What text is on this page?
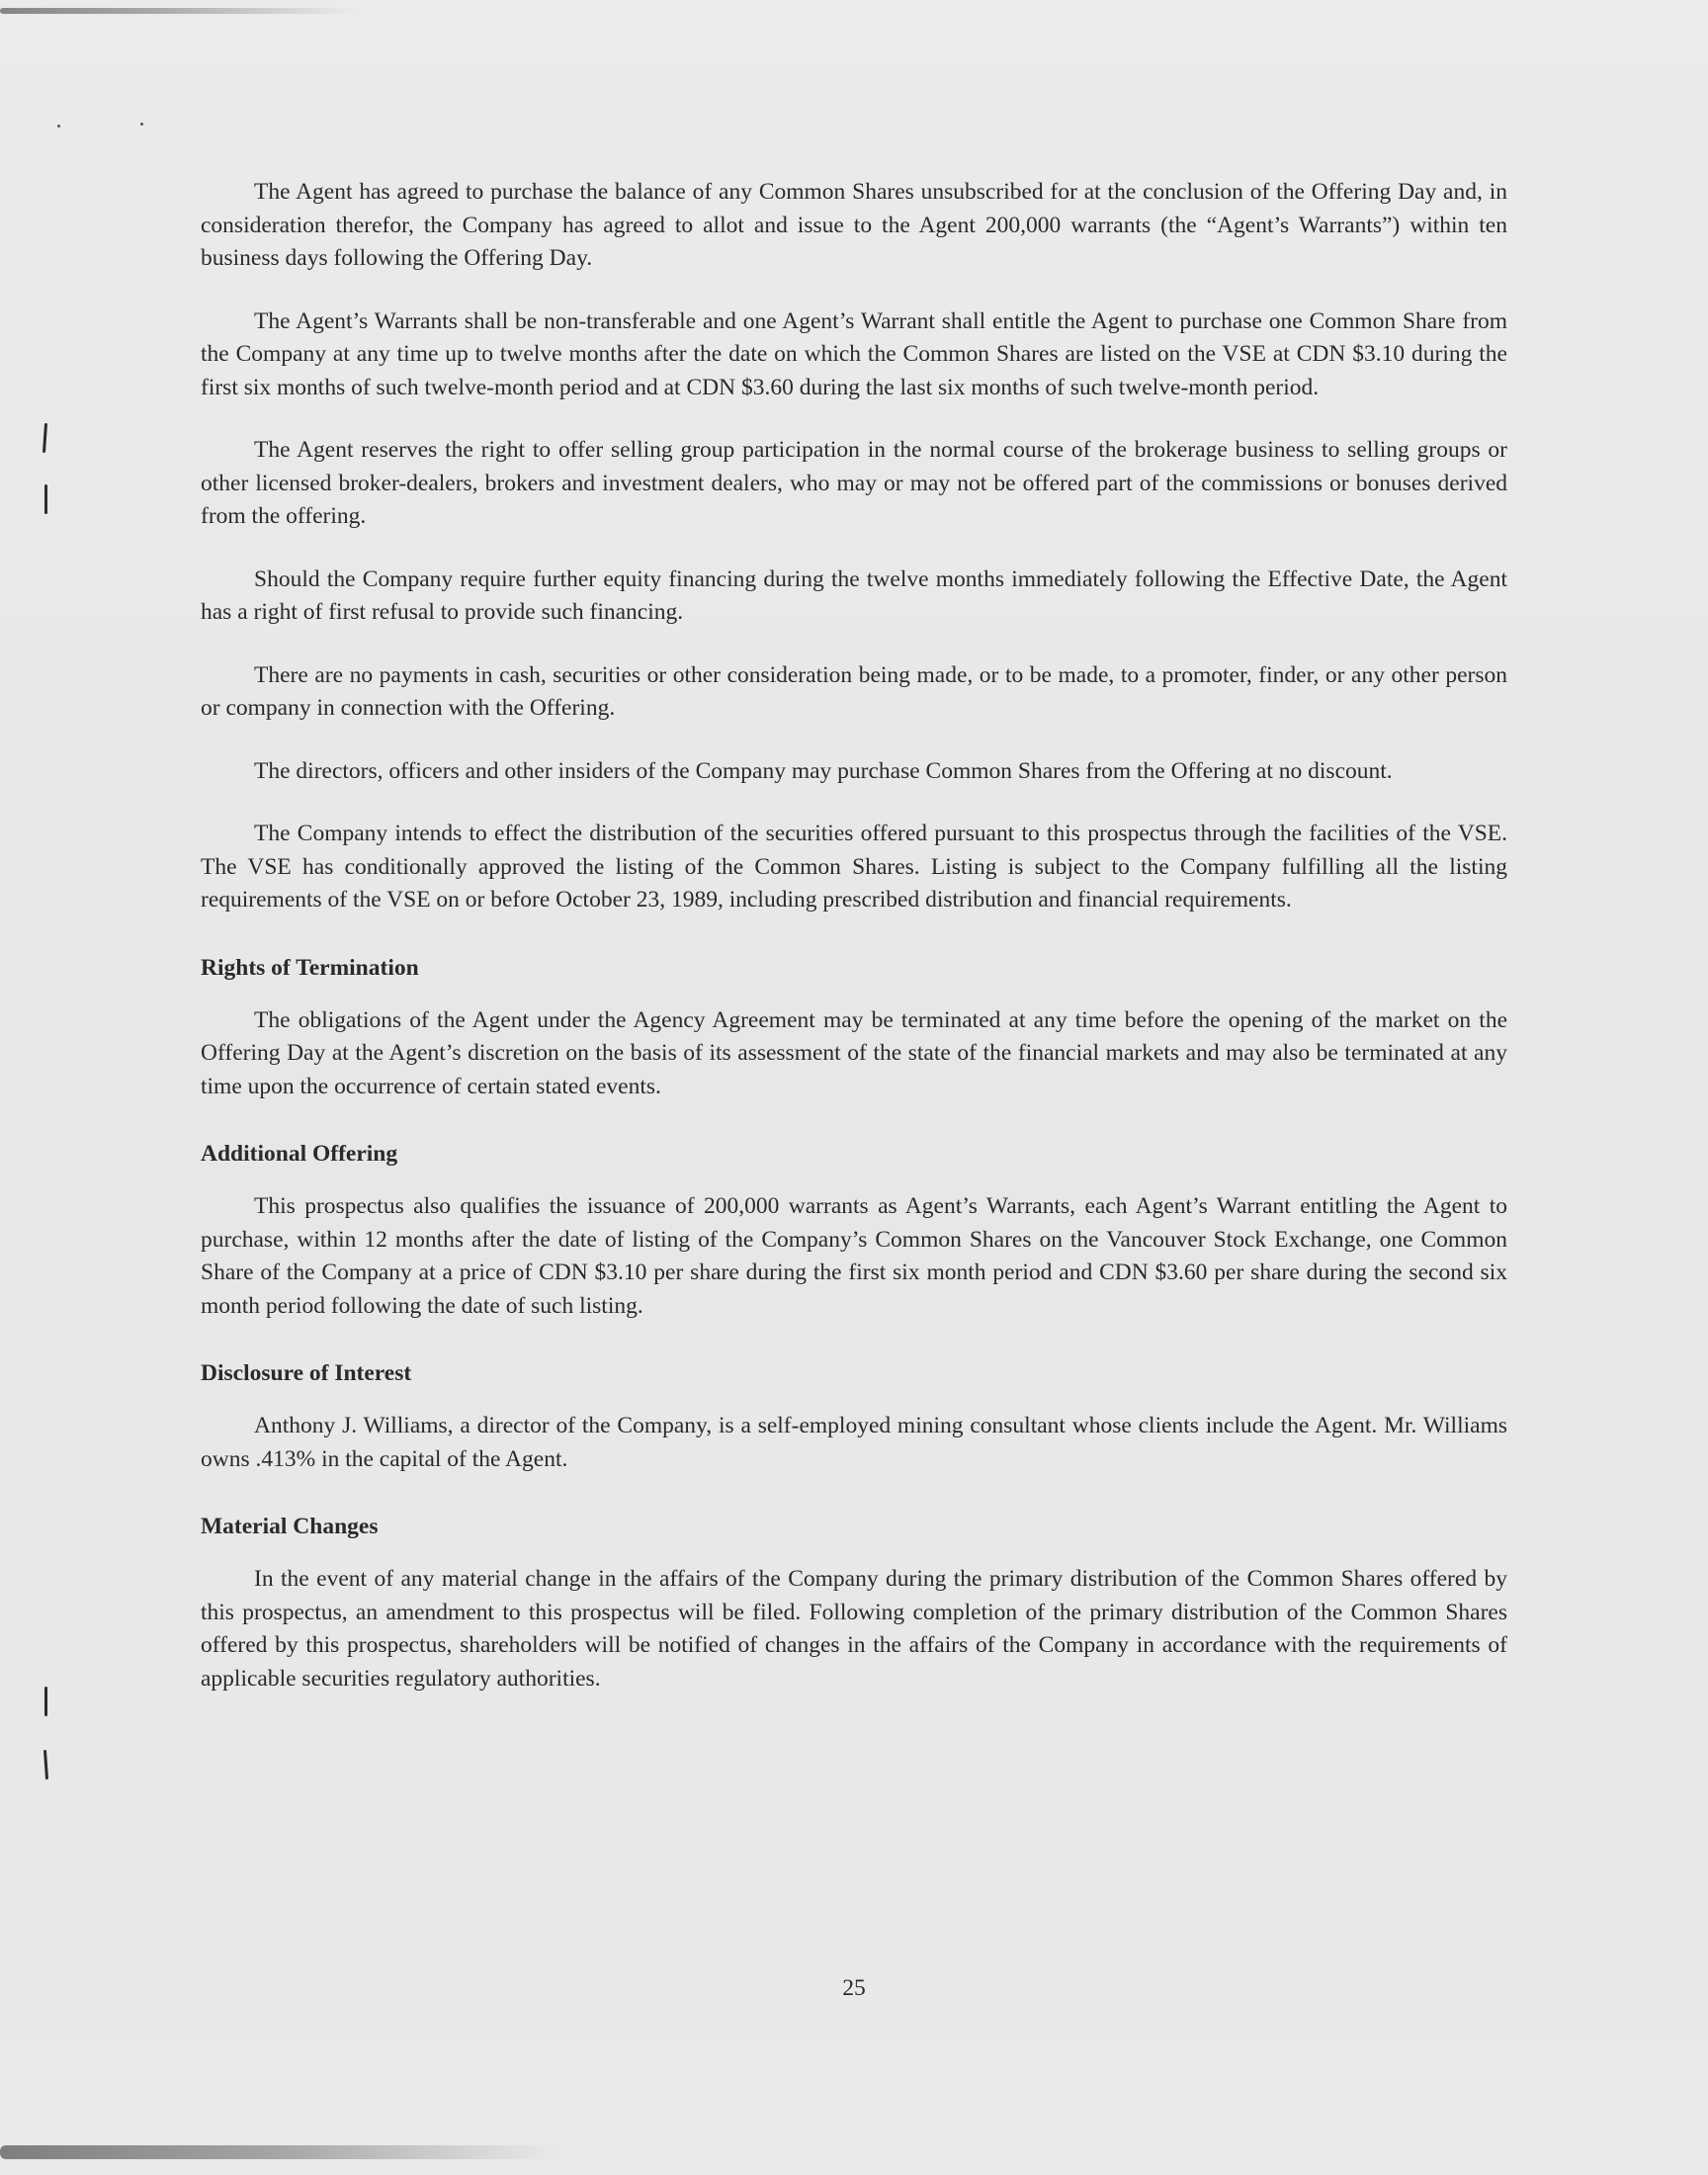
The Agent has agreed to purchase the balance of any Common Shares unsubscribed for at the conclusion of the Offering Day and, in consideration therefor, the Company has agreed to allot and issue to the Agent 200,000 warrants (the “Agent’s Warrants”) within ten business days following the Offering Day.

The Agent’s Warrants shall be non-transferable and one Agent’s Warrant shall entitle the Agent to purchase one Common Share from the Company at any time up to twelve months after the date on which the Common Shares are listed on the VSE at CDN $3.10 during the first six months of such twelve-month period and at CDN $3.60 during the last six months of such twelve-month period.

The Agent reserves the right to offer selling group participation in the normal course of the brokerage business to selling groups or other licensed broker-dealers, brokers and investment dealers, who may or may not be offered part of the commissions or bonuses derived from the offering.

Should the Company require further equity financing during the twelve months immediately following the Effective Date, the Agent has a right of first refusal to provide such financing.

There are no payments in cash, securities or other consideration being made, or to be made, to a promoter, finder, or any other person or company in connection with the Offering.

The directors, officers and other insiders of the Company may purchase Common Shares from the Offering at no discount.

The Company intends to effect the distribution of the securities offered pursuant to this prospectus through the facilities of the VSE. The VSE has conditionally approved the listing of the Common Shares. Listing is subject to the Company fulfilling all the listing requirements of the VSE on or before October 23, 1989, including prescribed distribution and financial requirements.

Rights of Termination

The obligations of the Agent under the Agency Agreement may be terminated at any time before the opening of the market on the Offering Day at the Agent’s discretion on the basis of its assessment of the state of the financial markets and may also be terminated at any time upon the occurrence of certain stated events.

Additional Offering

This prospectus also qualifies the issuance of 200,000 warrants as Agent’s Warrants, each Agent’s Warrant entitling the Agent to purchase, within 12 months after the date of listing of the Company’s Common Shares on the Vancouver Stock Exchange, one Common Share of the Company at a price of CDN $3.10 per share during the first six month period and CDN $3.60 per share during the second six month period following the date of such listing.

Disclosure of Interest

Anthony J. Williams, a director of the Company, is a self-employed mining consultant whose clients include the Agent. Mr. Williams owns .413% in the capital of the Agent.

Material Changes

In the event of any material change in the affairs of the Company during the primary distribution of the Common Shares offered by this prospectus, an amendment to this prospectus will be filed. Following completion of the primary distribution of the Common Shares offered by this prospectus, shareholders will be notified of changes in the affairs of the Company in accordance with the requirements of applicable securities regulatory authorities.

25
